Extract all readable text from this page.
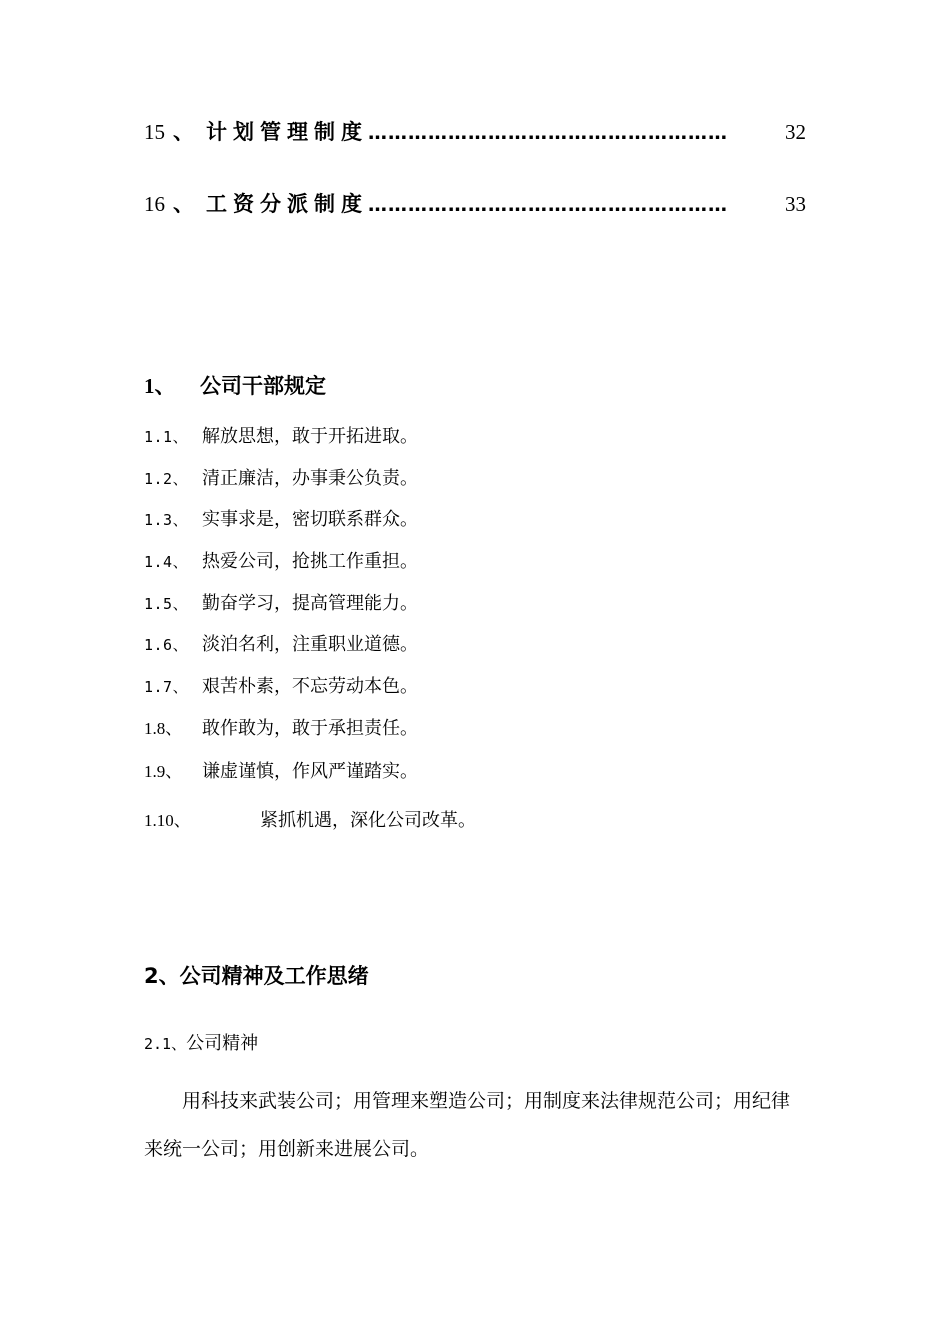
15 、 计划管理制度 ………………………………………………	32
16 、 工资分派制度 ………………………………………………	33
1、 公司干部规定
1.1、 解放思想，敢于开拓进取。
1.2、 清正廉洁，办事秉公负责。
1.3、 实事求是，密切联系群众。
1.4、 热爱公司，抢挑工作重担。
1.5、 勤奋学习，提高管理能力。
1.6、 淡泊名利，注重职业道德。
1.7、 艰苦朴素，不忘劳动本色。
1.8、 敢作敢为，敢于承担责任。
1.9、 谦虚谨慎，作风严谨踏实。
1.10、	紧抓机遇，深化公司改革。
2、公司精神及工作思绪
2.1、公司精神
用科技来武装公司；用管理来塑造公司；用制度来法律规范公司；用纪律来统一公司；用创新来进展公司。
